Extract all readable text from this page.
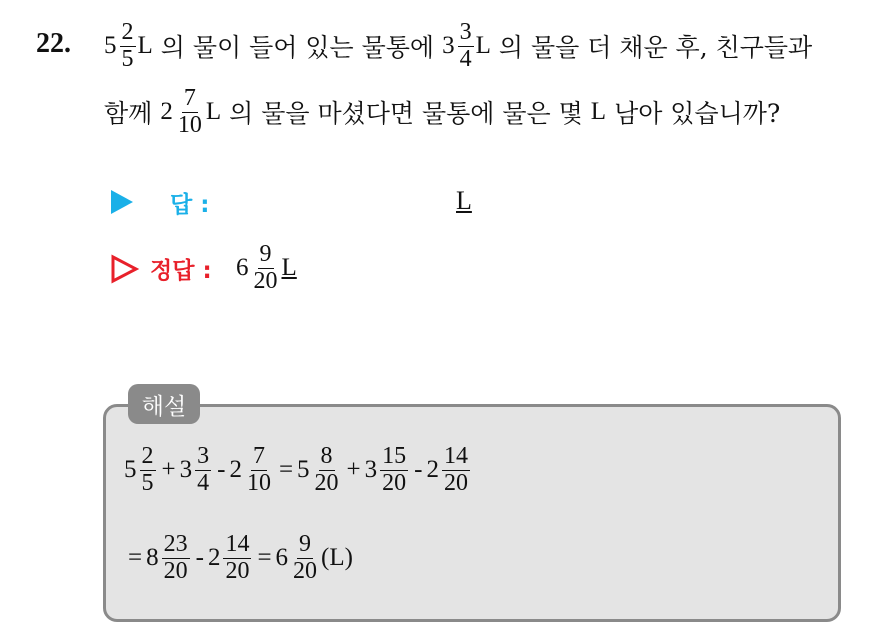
22. $5 \frac{2}{5}$ L 의 물이 들어 있는 물통에 $3 \frac{3}{4}$ L 의 물을 더 채운 후, 친구들과
함께 $2 \frac{7}{10}$ L 의 물을 마셨다면 물통에 물은 몇 L 남아 있습니까?
답 :	L
정답 : $6 \frac{9}{20}$ L
해설
$5 \frac{2}{5} + 3 \frac{3}{4} - 2 \frac{7}{10} = 5 \frac{8}{20} + 3 \frac{15}{20} - 2 \frac{14}{20}$
= $8 \frac{23}{20} - 2 \frac{14}{20} = 6 \frac{9}{20} (L)$
